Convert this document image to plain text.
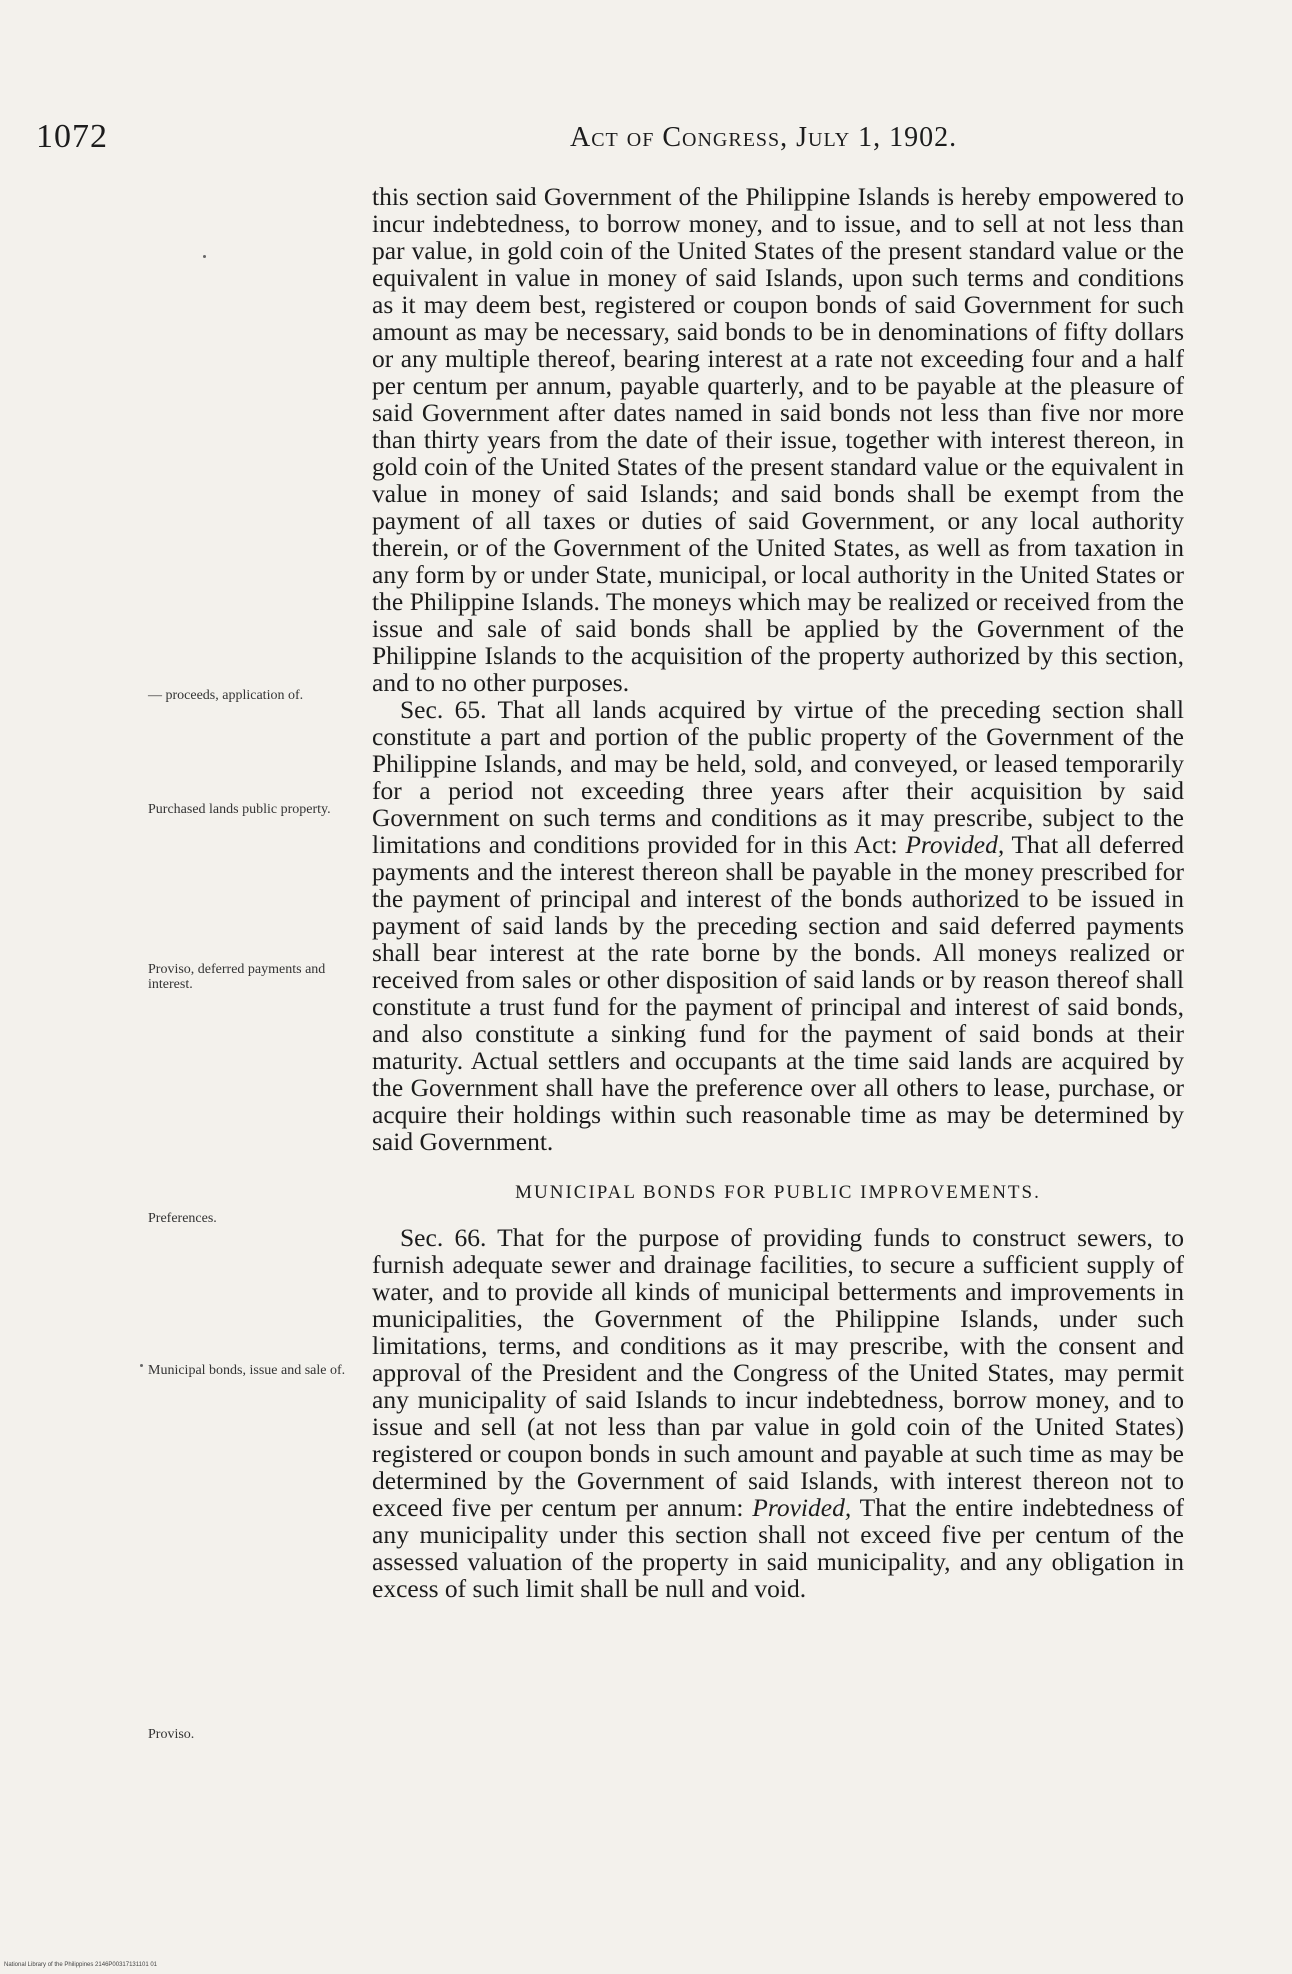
1072	Act of Congress, July 1, 1902.
— proceeds, application of.
Purchased lands public property.
Proviso, deferred payments and interest.
Preferences.
Municipal bonds, issue and sale of.
Proviso.

this section said Government of the Philippine Islands is hereby empowered to incur indebtedness, to borrow money, and to issue, and to sell at not less than par value, in gold coin of the United States of the present standard value or the equivalent in value in money of said Islands, upon such terms and conditions as it may deem best, registered or coupon bonds of said Government for such amount as may be necessary, said bonds to be in denominations of fifty dollars or any multiple thereof, bearing interest at a rate not exceeding four and a half per centum per annum, payable quarterly, and to be payable at the pleasure of said Government after dates named in said bonds not less than five nor more than thirty years from the date of their issue, together with interest thereon, in gold coin of the United States of the present standard value or the equivalent in value in money of said Islands; and said bonds shall be exempt from the payment of all taxes or duties of said Government, or any local authority therein, or of the Government of the United States, as well as from taxation in any form by or under State, municipal, or local authority in the United States or the Philippine Islands. The moneys which may be realized or received from the issue and sale of said bonds shall be applied by the Government of the Philippine Islands to the acquisition of the property authorized by this section, and to no other purposes.

Sec. 65. That all lands acquired by virtue of the preceding section shall constitute a part and portion of the public property of the Government of the Philippine Islands, and may be held, sold, and conveyed, or leased temporarily for a period not exceeding three years after their acquisition by said Government on such terms and conditions as it may prescribe, subject to the limitations and conditions provided for in this Act: Provided, That all deferred payments and the interest thereon shall be payable in the money prescribed for the payment of principal and interest of the bonds authorized to be issued in payment of said lands by the preceding section and said deferred payments shall bear interest at the rate borne by the bonds. All moneys realized or received from sales or other disposition of said lands or by reason thereof shall constitute a trust fund for the payment of principal and interest of said bonds, and also constitute a sinking fund for the payment of said bonds at their maturity. Actual settlers and occupants at the time said lands are acquired by the Government shall have the preference over all others to lease, purchase, or acquire their holdings within such reasonable time as may be determined by said Government.

MUNICIPAL BONDS FOR PUBLIC IMPROVEMENTS.

Sec. 66. That for the purpose of providing funds to construct sewers, to furnish adequate sewer and drainage facilities, to secure a sufficient supply of water, and to provide all kinds of municipal betterments and improvements in municipalities, the Government of the Philippine Islands, under such limitations, terms, and conditions as it may prescribe, with the consent and approval of the President and the Congress of the United States, may permit any municipality of said Islands to incur indebtedness, borrow money, and to issue and sell (at not less than par value in gold coin of the United States) registered or coupon bonds in such amount and payable at such time as may be determined by the Government of said Islands, with interest thereon not to exceed five per centum per annum: Provided, That the entire indebtedness of any municipality under this section shall not exceed five per centum of the assessed valuation of the property in said municipality, and any obligation in excess of such limit shall be null and void.

National Library of the Philippines 2146P00317131101 01
